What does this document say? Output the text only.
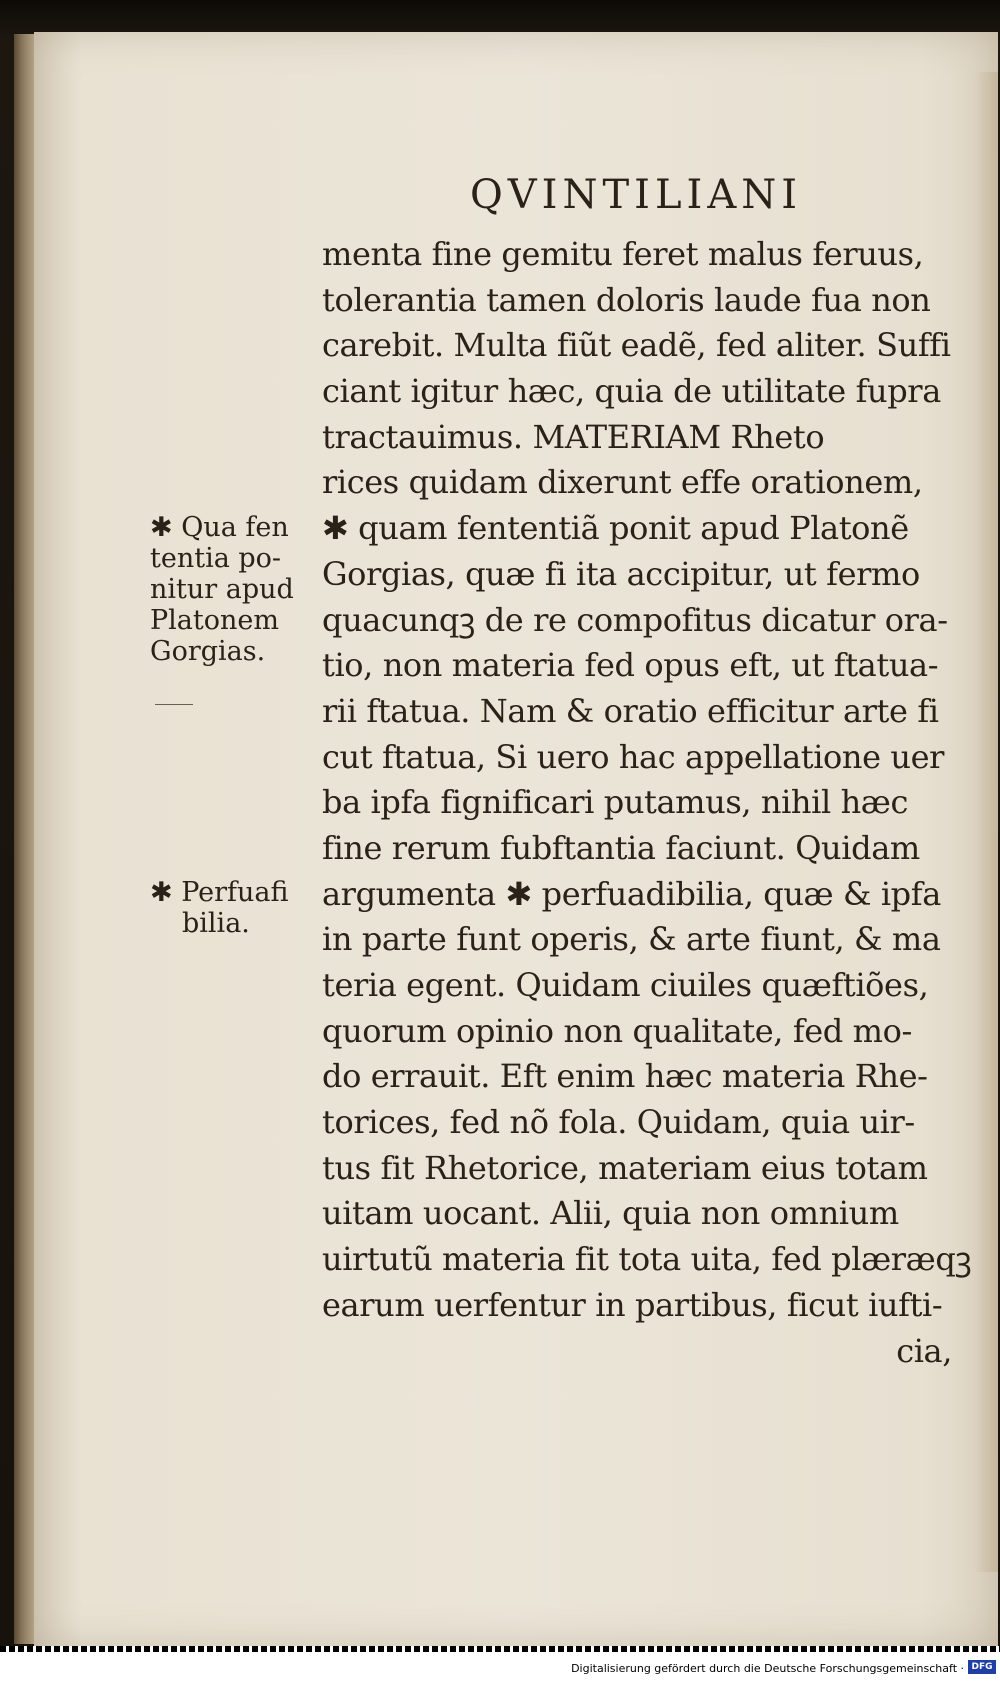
QVINTILIANI
menta fine gemitu feret malus feruus,
tolerantia tamen doloris laude fua non
carebit. Multa fiũt eadẽ, fed aliter. Suffi
ciant igitur hæc, quia de utilitate fupra
tractauimus. MATERIAM Rheto
rices quidam dixerunt effe orationem,
✱ quam fententiã ponit apud Platonẽ
Gorgias, quæ fi ita accipitur, ut fermo
quacunqꝫ de re compofitus dicatur ora-
tio, non materia fed opus eft, ut ftatua-
rii ftatua. Nam & oratio efficitur arte fi
cut ftatua, Si uero hac appellatione uer
ba ipfa fignificari putamus, nihil hæc
fine rerum fubftantia faciunt. Quidam
argumenta ✱ perfuadibilia, quæ & ipfa
in parte funt operis, & arte fiunt, & ma
teria egent. Quidam ciuiles quæftiões,
quorum opinio non qualitate, fed mo-
do errauit. Eft enim hæc materia Rhe-
torices, fed nõ fola. Quidam, quia uir-
tus fit Rhetorice, materiam eius totam
uitam uocant. Alii, quia non omnium
uirtutũ materia fit tota uita, fed plæræqꝫ
earum uerfentur in partibus, ficut iufti-
cia,
✱ Qua fen
tentia po-
nitur apud
Platonem
Gorgias.
✱ Perfuafi
bilia.
Digitalisierung gefördert durch die Deutsche Forschungsgemeinschaft · DFG
